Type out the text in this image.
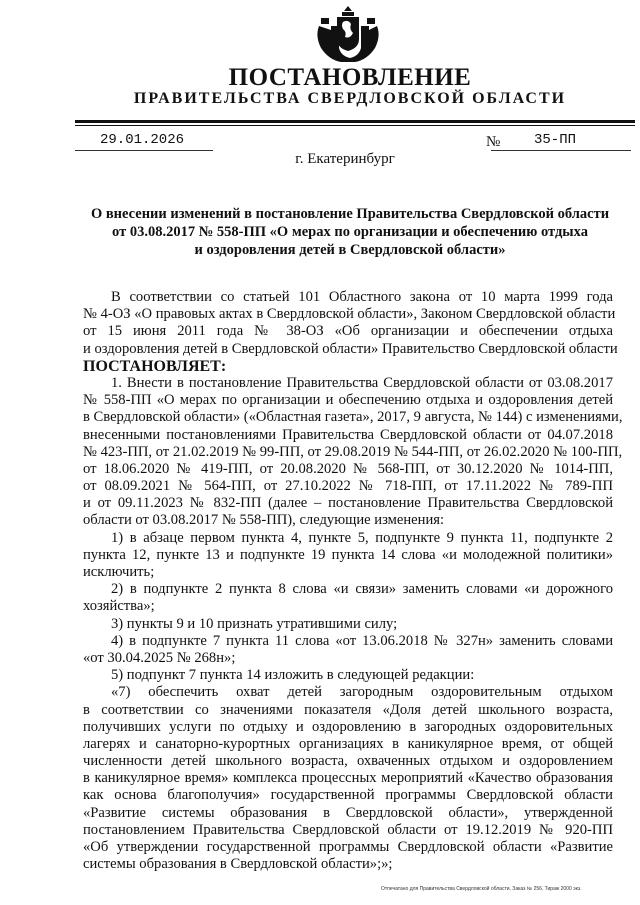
ПОСТАНОВЛЕНИЕ
ПРАВИТЕЛЬСТВА СВЕРДЛОВСКОЙ ОБЛАСТИ
29.01.2026	№ 35-ПП
г. Екатеринбург
О внесении изменений в постановление Правительства Свердловской области
от 03.08.2017 № 558-ПП «О мерах по организации и обеспечению отдыха
и оздоровления детей в Свердловской области»
В соответствии со статьей 101 Областного закона от 10 марта 1999 года
№ 4-ОЗ «О правовых актах в Свердловской области», Законом Свердловской области
от 15 июня 2011 года № 38-ОЗ «Об организации и обеспечении отдыха
и оздоровления детей в Свердловской области» Правительство Свердловской области
ПОСТАНОВЛЯЕТ:
1. Внести в постановление Правительства Свердловской области от 03.08.2017
№ 558-ПП «О мерах по организации и обеспечению отдыха и оздоровления детей
в Свердловской области» («Областная газета», 2017, 9 августа, № 144) с изменениями,
внесенными постановлениями Правительства Свердловской области от 04.07.2018
№ 423-ПП, от 21.02.2019 № 99-ПП, от 29.08.2019 № 544-ПП, от 26.02.2020 № 100-ПП,
от 18.06.2020 № 419-ПП, от 20.08.2020 № 568-ПП, от 30.12.2020 № 1014-ПП,
от 08.09.2021 № 564-ПП, от 27.10.2022 № 718-ПП, от 17.11.2022 № 789-ПП
и от 09.11.2023 № 832-ПП (далее – постановление Правительства Свердловской
области от 03.08.2017 № 558-ПП), следующие изменения:
1) в абзаце первом пункта 4, пункте 5, подпункте 9 пункта 11, подпункте 2
пункта 12, пункте 13 и подпункте 19 пункта 14 слова «и молодежной политики»
исключить;
2) в подпункте 2 пункта 8 слова «и связи» заменить словами «и дорожного
хозяйства»;
3) пункты 9 и 10 признать утратившими силу;
4) в подпункте 7 пункта 11 слова «от 13.06.2018 № 327н» заменить словами
«от 30.04.2025 № 268н»;
5) подпункт 7 пункта 14 изложить в следующей редакции:
«7) обеспечить охват детей загородным оздоровительным отдыхом
в соответствии со значениями показателя «Доля детей школьного возраста,
получивших услуги по отдыху и оздоровлению в загородных оздоровительных
лагерях и санаторно-курортных организациях в каникулярное время, от общей
численности детей школьного возраста, охваченных отдыхом и оздоровлением
в каникулярное время» комплекса процессных мероприятий «Качество образования
как основа благополучия» государственной программы Свердловской области
«Развитие системы образования в Свердловской области», утвержденной
постановлением Правительства Свердловской области от 19.12.2019 № 920-ПП
«Об утверждении государственной программы Свердловской области «Развитие
системы образования в Свердловской области»;»;
Отпечатано для Правительства Свердловской области. Заказ № 256. Тираж 2000 экз.
